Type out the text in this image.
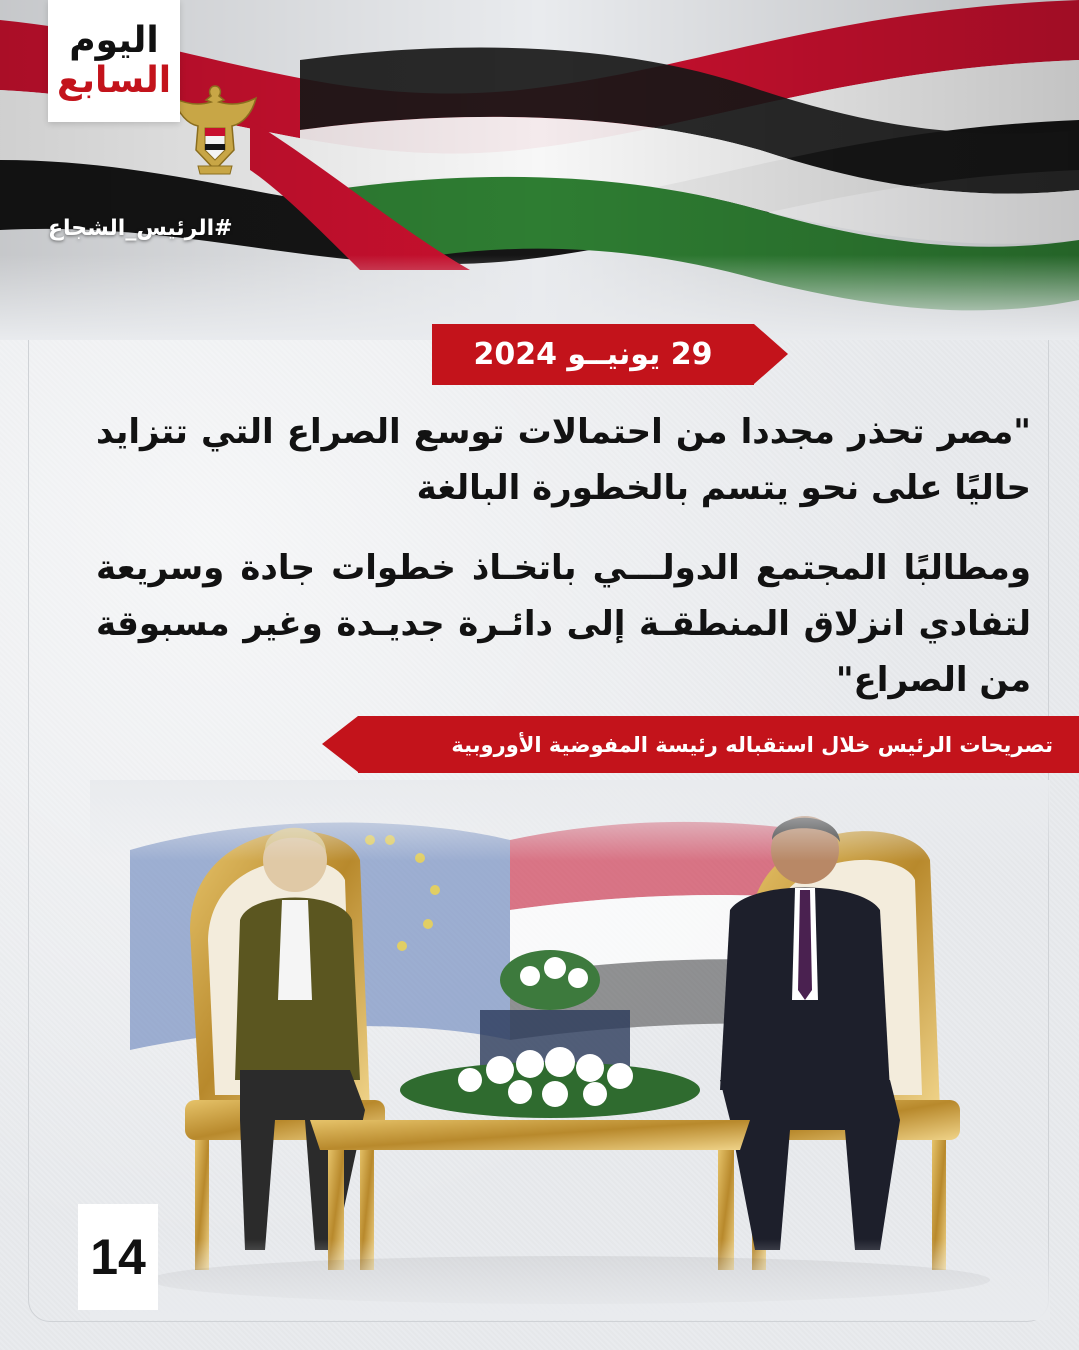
اليوم
السابع
#الرئيس_الشجاع
29 يونيــو 2024

"مصر تحذر مجددا من احتمالات توسع الصراع التي تتزايد حاليًا على نحو يتسم بالخطورة البالغة

ومطالبًا المجتمع الدولـــي باتخـاذ خطوات جادة وسريعة لتفادي انزلاق المنطقـة إلى دائـرة جديـدة وغير مسبوقة من الصراع"

تصريحات الرئيس خلال استقباله رئيسة المفوضية الأوروبية
14
